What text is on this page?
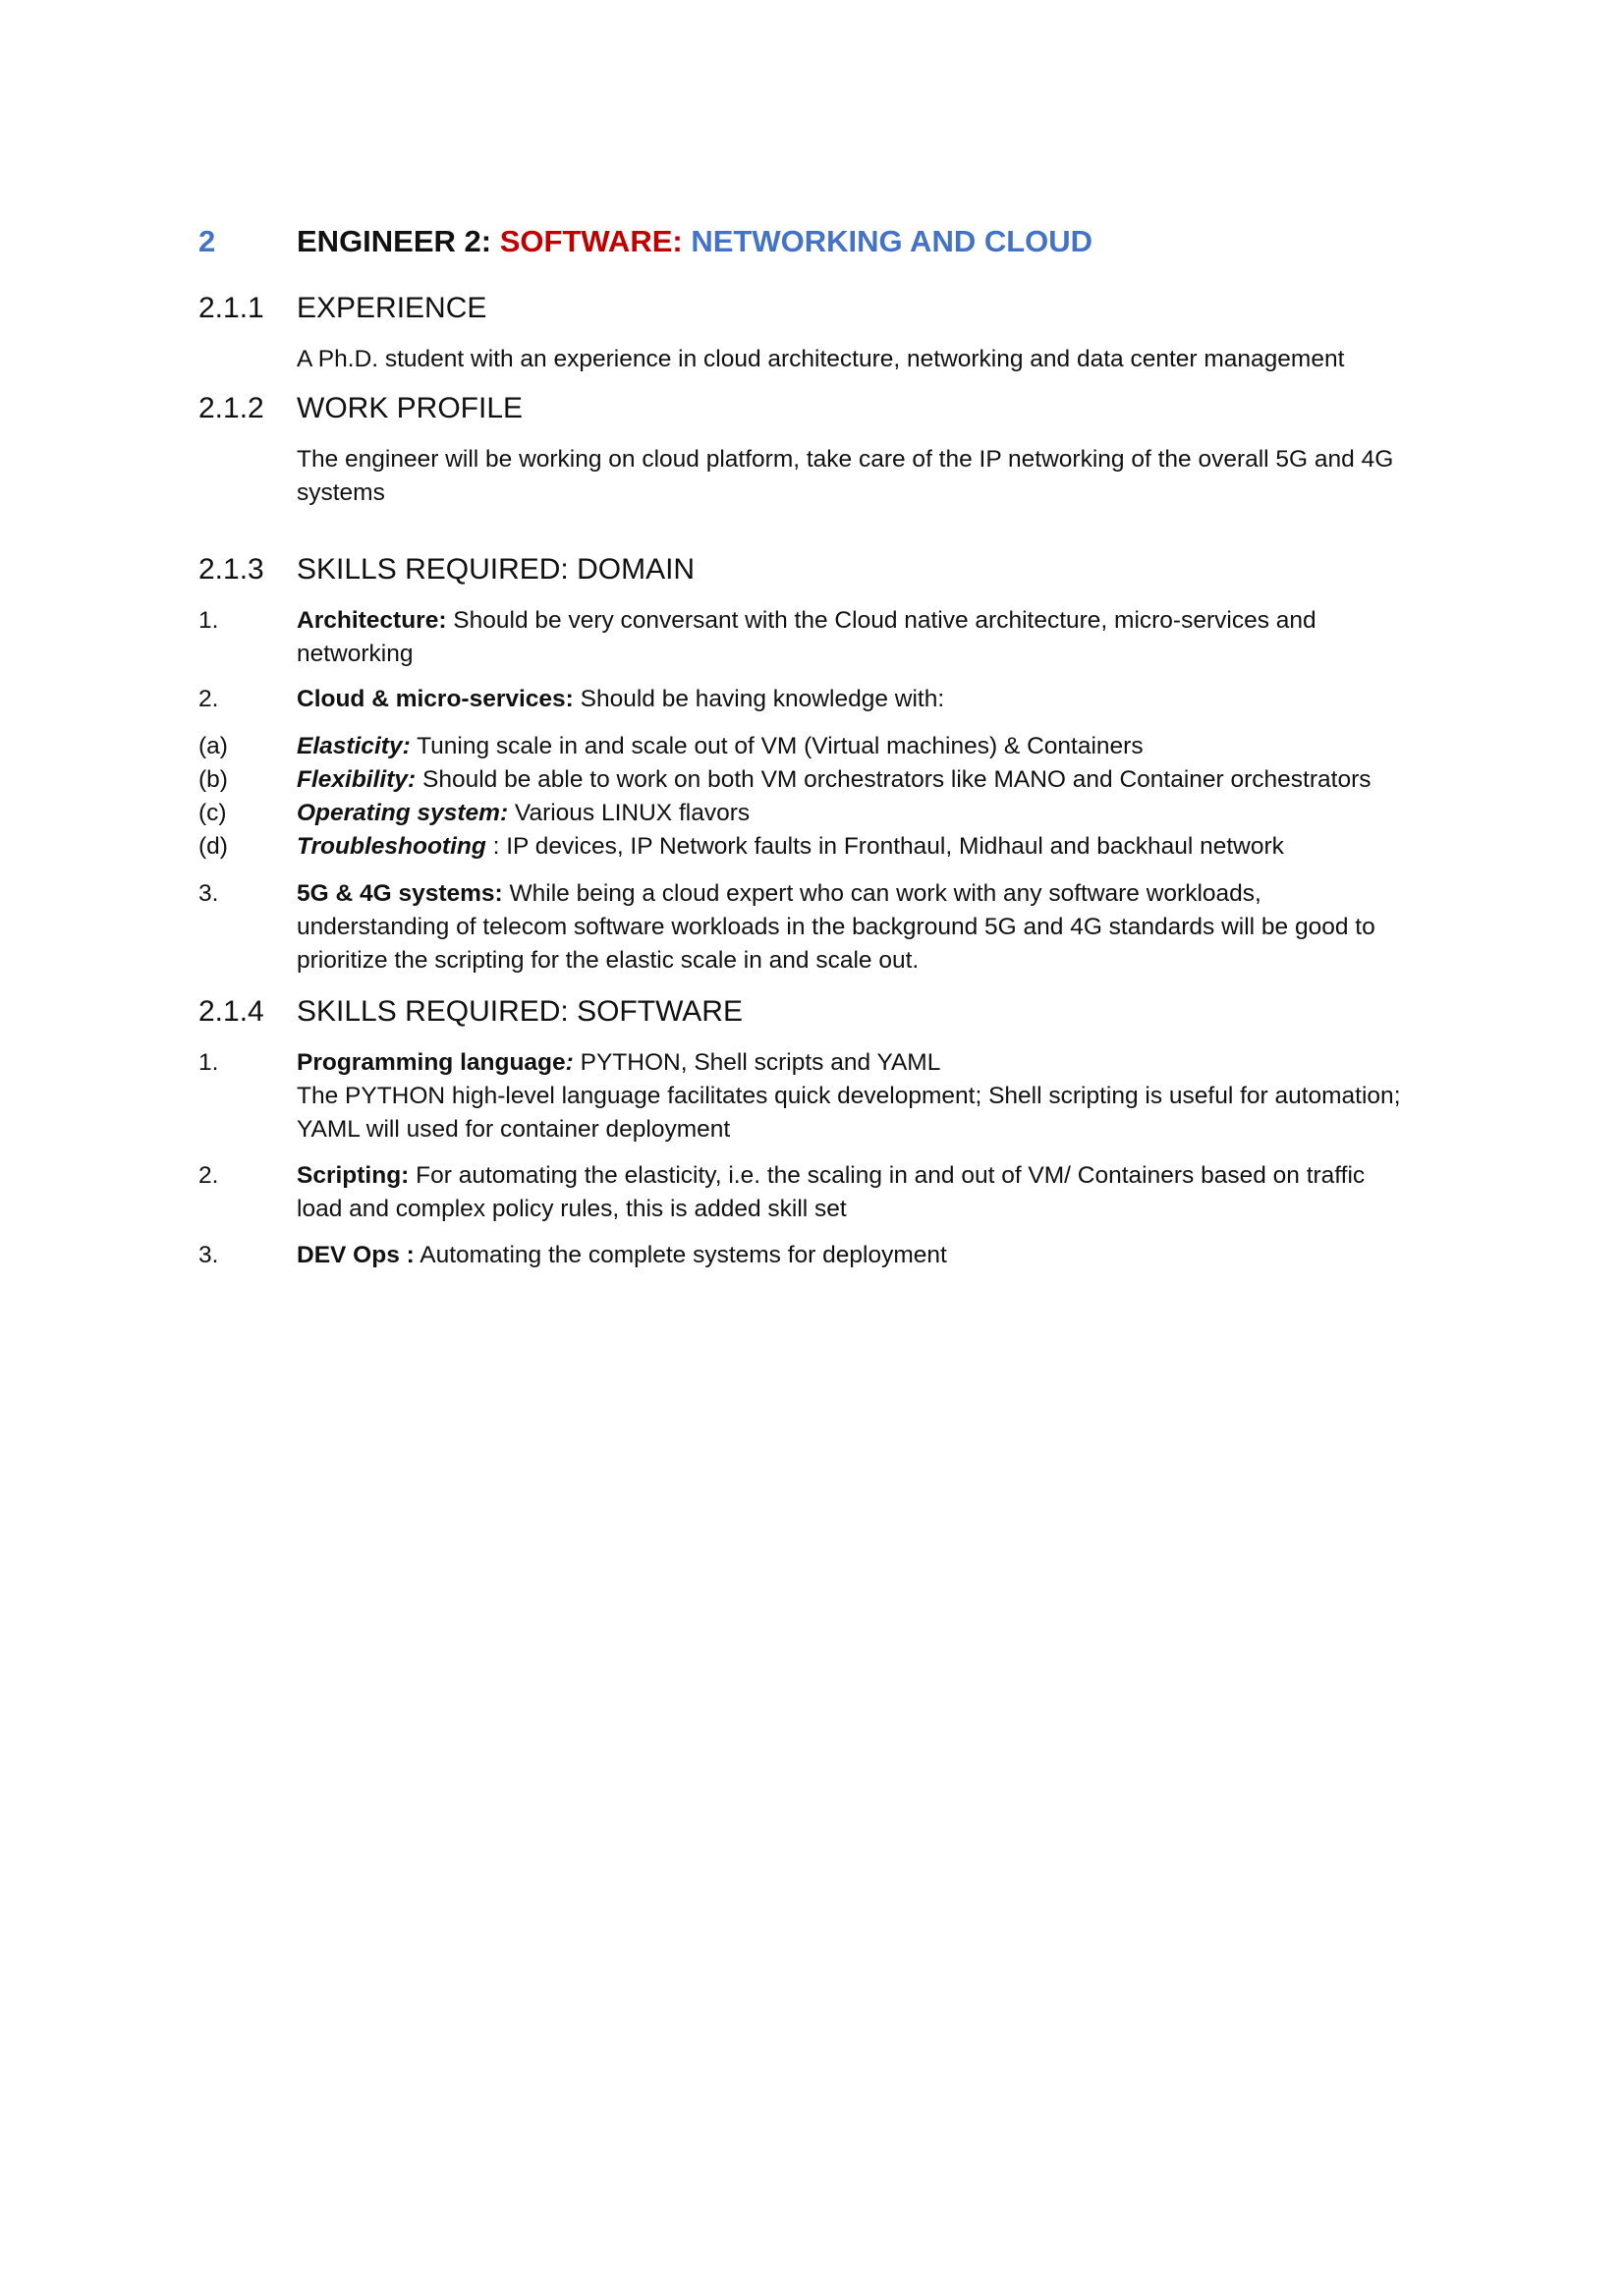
2	ENGINEER 2: SOFTWARE: NETWORKING AND CLOUD
2.1.1 EXPERIENCE
A Ph.D. student with an experience in cloud architecture, networking and data center management
2.1.2 WORK PROFILE
The engineer will be working on cloud platform, take care of the IP networking of the overall 5G and 4G
systems
2.1.3 SKILLS REQUIRED: DOMAIN
1.	Architecture: Should be very conversant with the Cloud native architecture, micro-services and
networking
2.	Cloud & micro-services: Should be having knowledge with:
(a)	Elasticity: Tuning scale in and scale out of VM (Virtual machines) & Containers
(b)	Flexibility: Should be able to work on both VM orchestrators like MANO and Container orchestrators
(c)	Operating system: Various LINUX flavors
(d)	Troubleshooting : IP devices, IP Network faults in Fronthaul, Midhaul and backhaul network
3.	5G & 4G systems: While being a cloud expert who can work with any software workloads,
understanding of telecom software workloads in the background 5G and 4G standards will be good to
prioritize the scripting for the elastic scale in and scale out.
2.1.4 SKILLS REQUIRED: SOFTWARE
1.	Programming language: PYTHON, Shell scripts and YAML
The PYTHON high-level language facilitates quick development; Shell scripting is useful for automation;
YAML will used for container deployment
2.	Scripting: For automating the elasticity, i.e. the scaling in and out of VM/ Containers based on traffic
load and complex policy rules, this is added skill set
3.	DEV Ops : Automating the complete systems for deployment
